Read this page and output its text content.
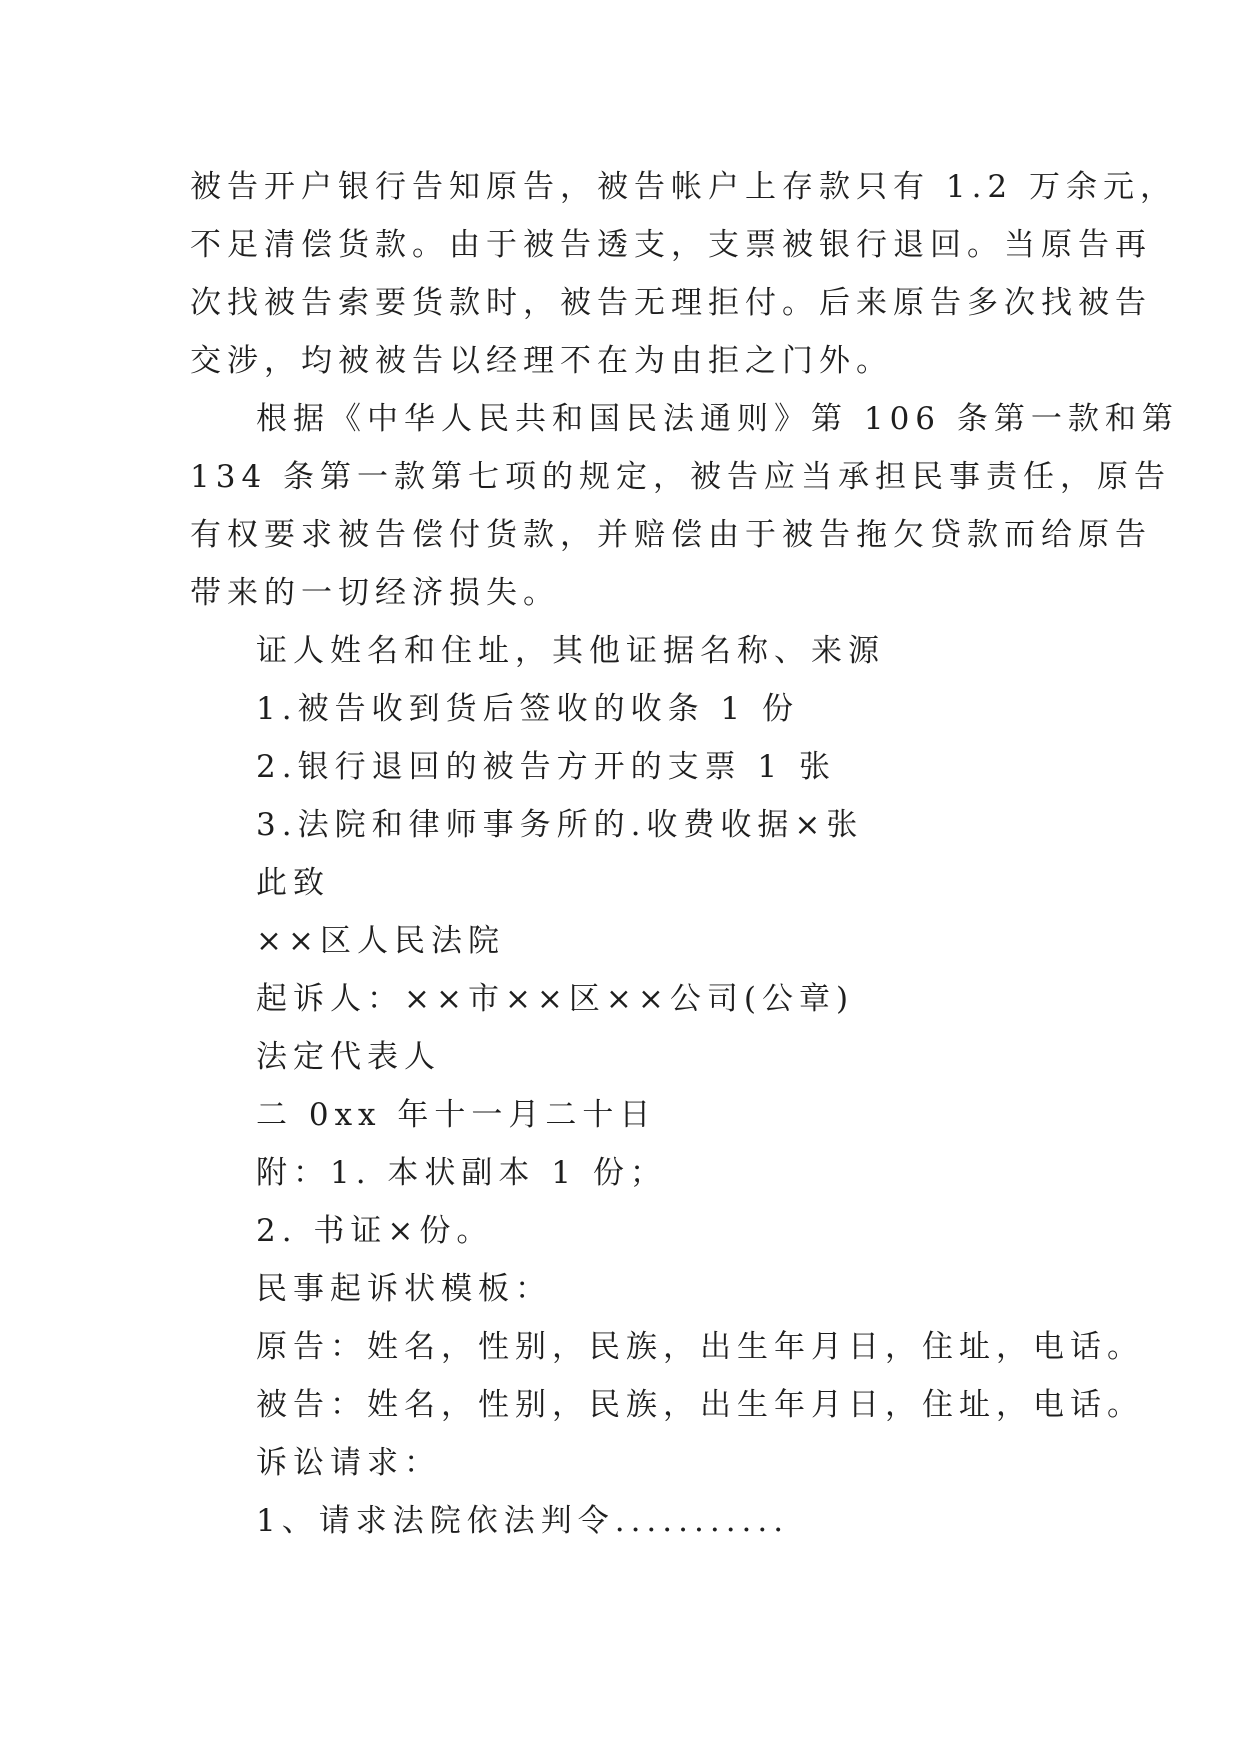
被告开户银行告知原告，被告帐户上存款只有 1.2 万余元，
不足清偿货款。由于被告透支，支票被银行退回。当原告再
次找被告索要货款时，被告无理拒付。后来原告多次找被告
交涉，均被被告以经理不在为由拒之门外。
根据《中华人民共和国民法通则》第 106 条第一款和第
134 条第一款第七项的规定，被告应当承担民事责任，原告
有权要求被告偿付货款，并赔偿由于被告拖欠贷款而给原告
带来的一切经济损失。
证人姓名和住址，其他证据名称、来源
1.被告收到货后签收的收条 1 份
2.银行退回的被告方开的支票 1 张
3.法院和律师事务所的.收费收据×张
此致
××区人民法院
起诉人：××市××区××公司(公章)
法定代表人
二 0xx 年十一月二十日
附：1. 本状副本 1 份；
2. 书证×份。
民事起诉状模板：
原告：姓名，性别，民族，出生年月日，住址，电话。
被告：姓名，性别，民族，出生年月日，住址，电话。
诉讼请求：
1、请求法院依法判令...........
